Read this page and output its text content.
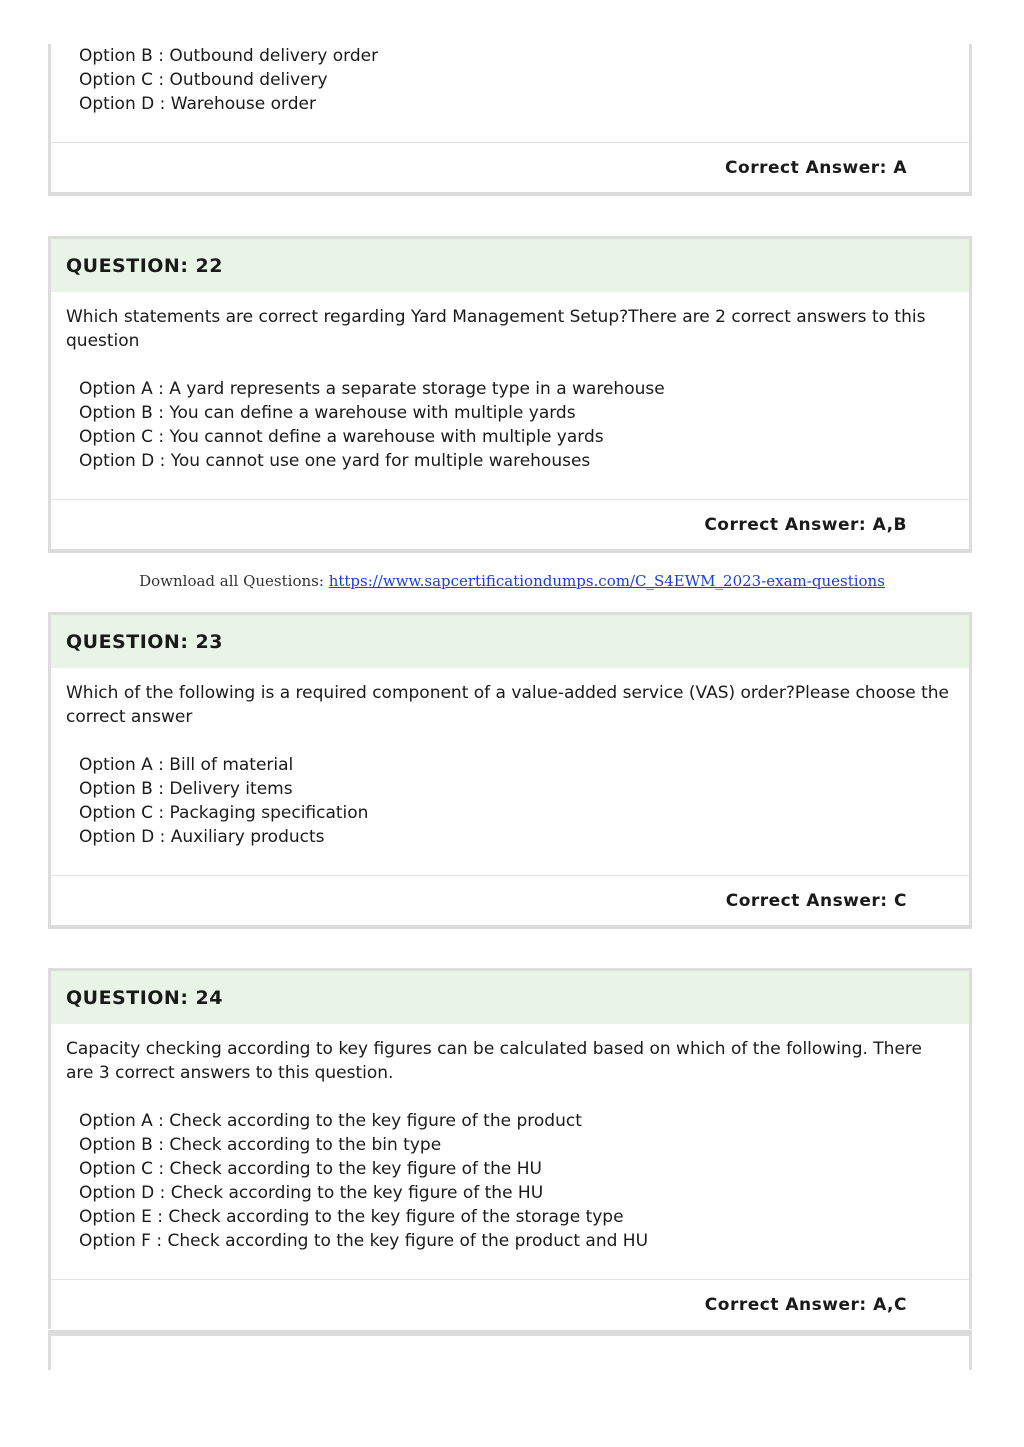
Option B : Outbound delivery order
Option C : Outbound delivery
Option D : Warehouse order
Correct Answer: A
QUESTION: 22

Which statements are correct regarding Yard Management Setup?There are 2 correct answers to this question

Option A : A yard represents a separate storage type in a warehouse
Option B : You can define a warehouse with multiple yards
Option C : You cannot define a warehouse with multiple yards
Option D : You cannot use one yard for multiple warehouses
Correct Answer: A,B
Download all Questions: https://www.sapcertificationdumps.com/C_S4EWM_2023-exam-questions
QUESTION: 23

Which of the following is a required component of a value-added service (VAS) order?Please choose the correct answer

Option A : Bill of material
Option B : Delivery items
Option C : Packaging specification
Option D : Auxiliary products
Correct Answer: C
QUESTION: 24

Capacity checking according to key figures can be calculated based on which of the following. There are 3 correct answers to this question.

Option A : Check according to the key figure of the product
Option B : Check according to the bin type
Option C : Check according to the key figure of the HU
Option D : Check according to the key figure of the HU
Option E : Check according to the key figure of the storage type
Option F : Check according to the key figure of the product and HU
Correct Answer: A,C
